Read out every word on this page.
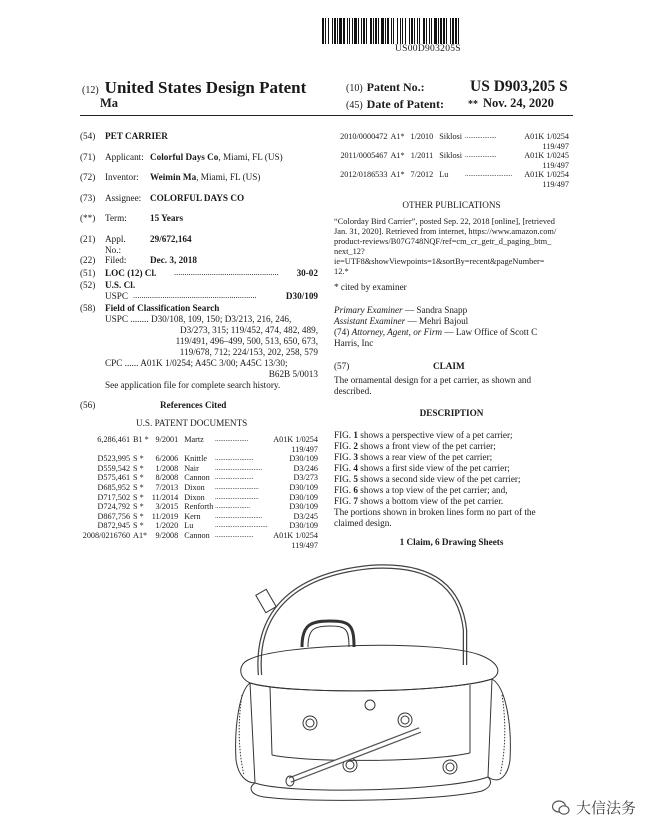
US00D903205S
(12) United States Design Patent
Ma
(10) Patent No.:	US D903,205 S
(45) Date of Patent: ** Nov. 24, 2020
(54) PET CARRIER
(71) Applicant: Colorful Days Co, Miami, FL (US)
(72) Inventor: Weimin Ma, Miami, FL (US)
(73) Assignee: COLORFUL DAYS CO
(**) Term:	15 Years
(21) Appl. No.:
29/672,164
(22) Filed:	Dec. 3, 2018
(51) LOC (12) Cl. .................................................. 30-02
(52) U.S. Cl.
USPC ...........................................................	D30/109
(58) Field of Classification Search
USPC ........ D30/108, 109, 150; D3/213, 216, 246,
D3/273, 315; 119/452, 474, 482, 489,
119/491, 496–499, 500, 513, 650, 673,
119/678, 712; 224/153, 202, 258, 579
CPC ...... A01K 1/0254; A45C 3/00; A45C 13/30;
B62B 5/0013
See application file for complete search history.
(56)	References Cited
U.S. PATENT DOCUMENTS
6,286,461	B1 *	9/2001	Martz	...................	A01K 1/0254
119/497					
D523,995	S *	6/2006	Knittle	......................	D30/109
D559,542	S *	1/2008	Nair	...........................	D3/246
D575,461	S *	8/2008	Cannon	......................	D3/273
D685,952	S *	7/2013	Dixon	.........................	D30/109
D717,502	S *	11/2014	Dixon	.........................	D30/109
D724,792	S *	3/2015	Renforth	....................	D30/109
D867,756	S *	11/2019	Kern	...........................	D3/245
D872,945	S *	1/2020	Lu	..............................	D30/109
2008/0216760	A1*	9/2008	Cannon	......................	A01K 1/0254
119/497					
2010/0000472	A1*	1/2010	Siklosi	..................	A01K 1/0254
119/497					
2011/0005467	A1*	1/2011	Siklosi	..................	A01K 1/0245
119/497					
2012/0186533	A1*	7/2012	Lu	...........................	A01K 1/0254
119/497					
OTHER PUBLICATIONS
“Colorday Bird Carrier”, posted Sep. 22, 2018 [online], [retrieved
Jan. 31, 2020]. Retrieved from internet, https://www.amazon.com/
product-reviews/B07G748NQF/ref=cm_cr_getr_d_paging_btm_
next_12?ie=UTF8&showViewpoints=1&sortBy=recent&pageNumber=
12.*
* cited by examiner
Primary Examiner — Sandra Snapp
Assistant Examiner — Mehri Bajoul
(74) Attorney, Agent, or Firm — Law Office of Scott C
Harris, Inc
(57)	CLAIM
The ornamental design for a pet carrier, as shown and
described.
DESCRIPTION
FIG. 1 shows a perspective view of a pet carrier;
FIG. 2 shows a front view of the pet carrier;
FIG. 3 shows a rear view of the pet carrier;
FIG. 4 shows a first side view of the pet carrier;
FIG. 5 shows a second side view of the pet carrier;
FIG. 6 shows a top view of the pet carrier; and,
FIG. 7 shows a bottom view of the pet carrier.
The portions shown in broken lines form no part of the
claimed design.
1 Claim, 6 Drawing Sheets
大信法务
